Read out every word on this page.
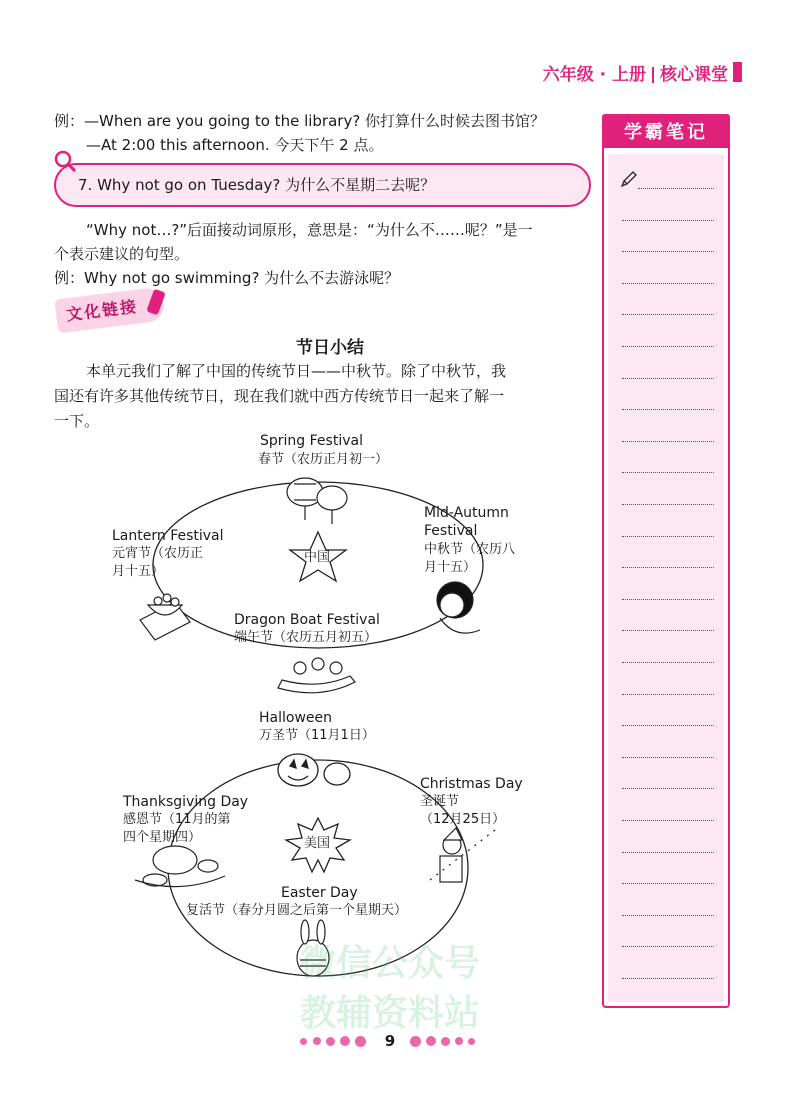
六年级 · 上册 核心课堂
例：—When are you going to the library? 你打算什么时候去图书馆？
—At 2:00 this afternoon. 今天下午 2 点。
7. Why not go on Tuesday? 为什么不星期二去呢？
“Why not…?”后面接动词原形，意思是：“为什么不……呢？”是一
个表示建议的句型。
例：Why not go swimming? 为什么不去游泳呢？
文化链接
节日小结
本单元我们了解了中国的传统节日——中秋节。除了中秋节，我
国还有许多其他传统节日，现在我们就中西方传统节日一起来了解一
一下。
中国
Spring Festival
春节（农历正月初一）
Mid-Autumn
Festival
中秋节（农历八
月十五）
Lantern Festival
元宵节（农历正
月十五）
Dragon Boat Festival
端午节（农历五月初五）
美国
Halloween
万圣节（11月1日）
Christmas Day
圣诞节
（12月25日）
Thanksgiving Day
感恩节（11月的第
四个星期四）
Easter Day
复活节（春分月圆之后第一个星期天）
微信公众号
教辅资料站
学霸笔记
9
